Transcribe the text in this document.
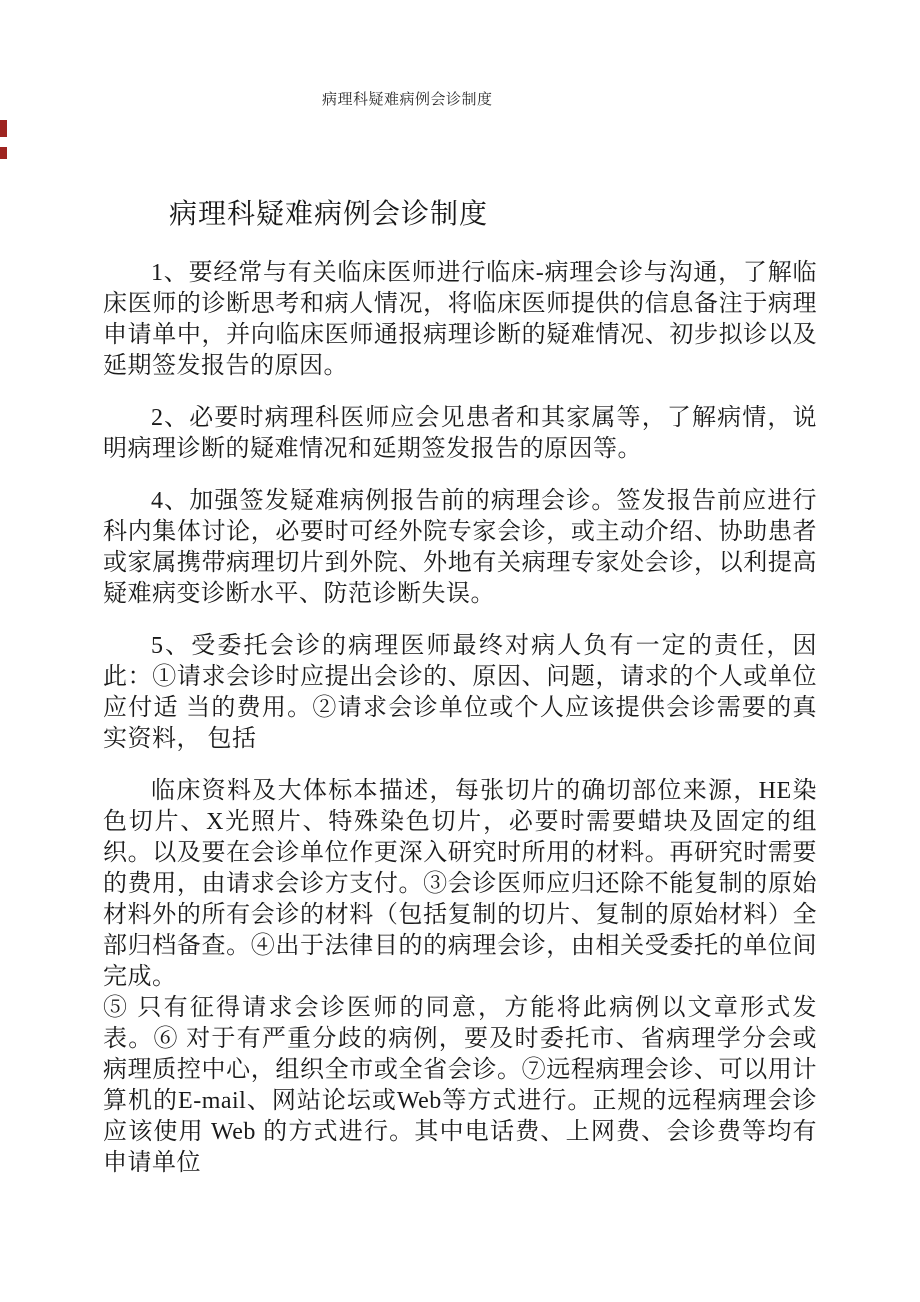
病理科疑难病例会诊制度
病理科疑难病例会诊制度

1、要经常与有关临床医师进行临床-病理会诊与沟通，了解临床医师的诊断思考和病人情况，将临床医师提供的信息备注于病理申请单中，并向临床医师通报病理诊断的疑难情况、初步拟诊以及延期签发报告的原因。

2、必要时病理科医师应会见患者和其家属等，了解病情，说明病理诊断的疑难情况和延期签发报告的原因等。

4、加强签发疑难病例报告前的病理会诊。签发报告前应进行科内集体讨论，必要时可经外院专家会诊，或主动介绍、协助患者或家属携带病理切片到外院、外地有关病理专家处会诊，以利提高疑难病变诊断水平、防范诊断失误。

5、受委托会诊的病理医师最终对病人负有一定的责任，因此：①请求会诊时应提出会诊的、原因、问题，请求的个人或单位应付适 当的费用。②请求会诊单位或个人应该提供会诊需要的真实资料， 包括

临床资料及大体标本描述，每张切片的确切部位来源，HE染色切片、X光照片、特殊染色切片，必要时需要蜡块及固定的组织。以及要在会诊单位作更深入研究时所用的材料。再研究时需要的费用，由请求会诊方支付。③会诊医师应归还除不能复制的原始材料外的所有会诊的材料（包括复制的切片、复制的原始材料）全部归档备查。④出于法律目的的病理会诊，由相关受委托的单位间完成。

⑤ 只有征得请求会诊医师的同意，方能将此病例以文章形式发表。⑥ 对于有严重分歧的病例，要及时委托市、省病理学分会或病理质控中心，组织全市或全省会诊。⑦远程病理会诊、可以用计算机的E-mail、网站论坛或Web等方式进行。正规的远程病理会诊应该使用 Web 的方式进行。其中电话费、上网费、会诊费等均有申请单位
